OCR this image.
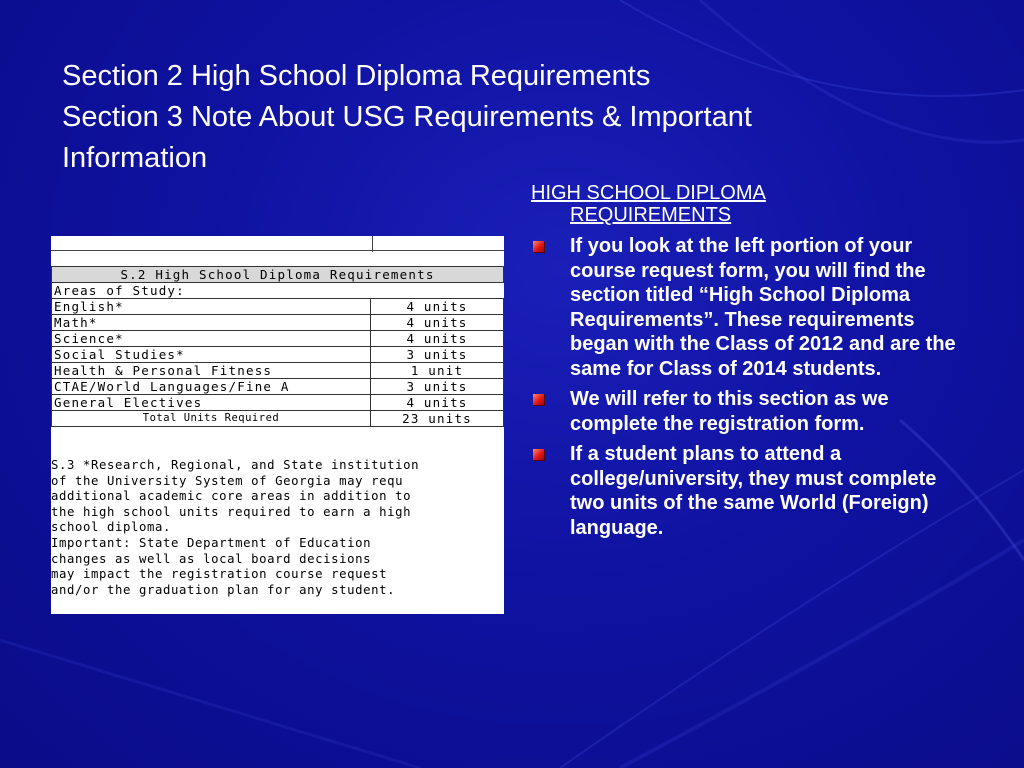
Section 2 High School Diploma Requirements
Section 3 Note About USG Requirements & Important
Information
S.2 High School Diploma Requirements	
Areas of Study:	
English*	4 units
Math*	4 units
Science*	4 units
Social Studies*	3 units
Health & Personal Fitness	1 unit
CTAE/World Languages/Fine A	3 units
General Electives	4 units
Total Units Required	23 units
S.3 *Research, Regional, and State institution
of the University System of Georgia may requ
additional academic core areas in addition to
the high school units required to earn a high
school diploma.
Important: State Department of Education
changes as well as local board decisions
may impact the registration course request
and/or the graduation plan for any student.
HIGH SCHOOL DIPLOMA
REQUIREMENTS
If you look at the left portion of your course request form, you will find the section titled “High School Diploma Requirements”. These requirements began with the Class of 2012 and are the same for Class of 2014 students.
We will refer to this section as we complete the registration form.
If a student plans to attend a college/university, they must complete two units of the same World (Foreign) language.
